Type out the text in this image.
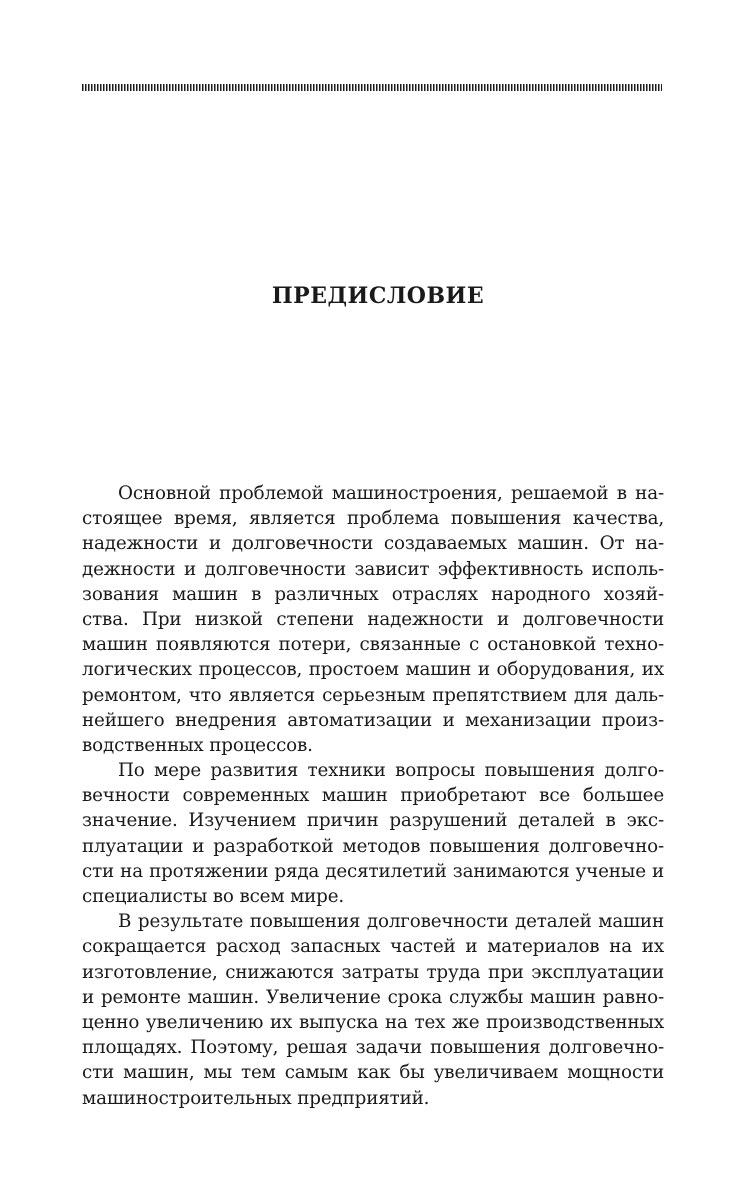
ПРЕДИСЛОВИЕ
Основной проблемой машиностроения, решаемой в на-
стоящее время, является проблема повышения качества,
надежности и долговечности создаваемых машин. От на-
дежности и долговечности зависит эффективность исполь-
зования машин в различных отраслях народного хозяй-
ства. При низкой степени надежности и долговечности
машин появляются потери, связанные с остановкой техно-
логических процессов, простоем машин и оборудования, их
ремонтом, что является серьезным препятствием для даль-
нейшего внедрения автоматизации и механизации произ-
водственных процессов.
По мере развития техники вопросы повышения долго-
вечности современных машин приобретают все большее
значение. Изучением причин разрушений деталей в экс-
плуатации и разработкой методов повышения долговечно-
сти на протяжении ряда десятилетий занимаются ученые и
специалисты во всем мире.
В результате повышения долговечности деталей машин
сокращается расход запасных частей и материалов на их
изготовление, снижаются затраты труда при эксплуатации
и ремонте машин. Увеличение срока службы машин равно-
ценно увеличению их выпуска на тех же производственных
площадях. Поэтому, решая задачи повышения долговечно-
сти машин, мы тем самым как бы увеличиваем мощности
машиностроительных предприятий.
